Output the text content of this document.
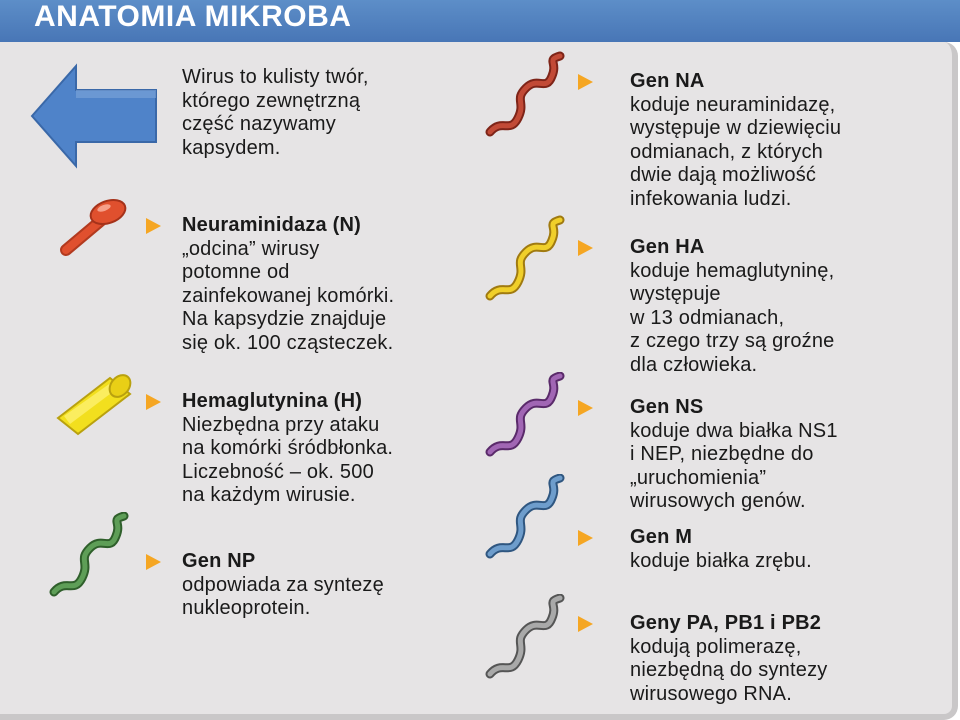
ANATOMIA MIKROBA
Wirus to kulisty twór,
którego zewnętrzną
część nazywamy
kapsydem.
Neuraminidaza (N)
„odcina” wirusy
potomne od
zainfekowanej komórki.
Na kapsydzie znajduje
się ok. 100 cząsteczek.
Hemaglutynina (H)
Niezbędna przy ataku
na komórki śródbłonka.
Liczebność – ok. 500
na każdym wirusie.
Gen NP
odpowiada za syntezę
nukleoprotein.
Gen NA
koduje neuraminidazę,
występuje w dziewięciu
odmianach, z których
dwie dają możliwość
infekowania ludzi.
Gen HA
koduje hemaglutyninę,
występuje
w 13 odmianach,
z czego trzy są groźne
dla człowieka.
Gen NS
koduje dwa białka NS1
i NEP, niezbędne do
„uruchomienia”
wirusowych genów.
Gen M
koduje białka zrębu.
Geny PA, PB1 i PB2
kodują polimerazę,
niezbędną do syntezy
wirusowego RNA.
